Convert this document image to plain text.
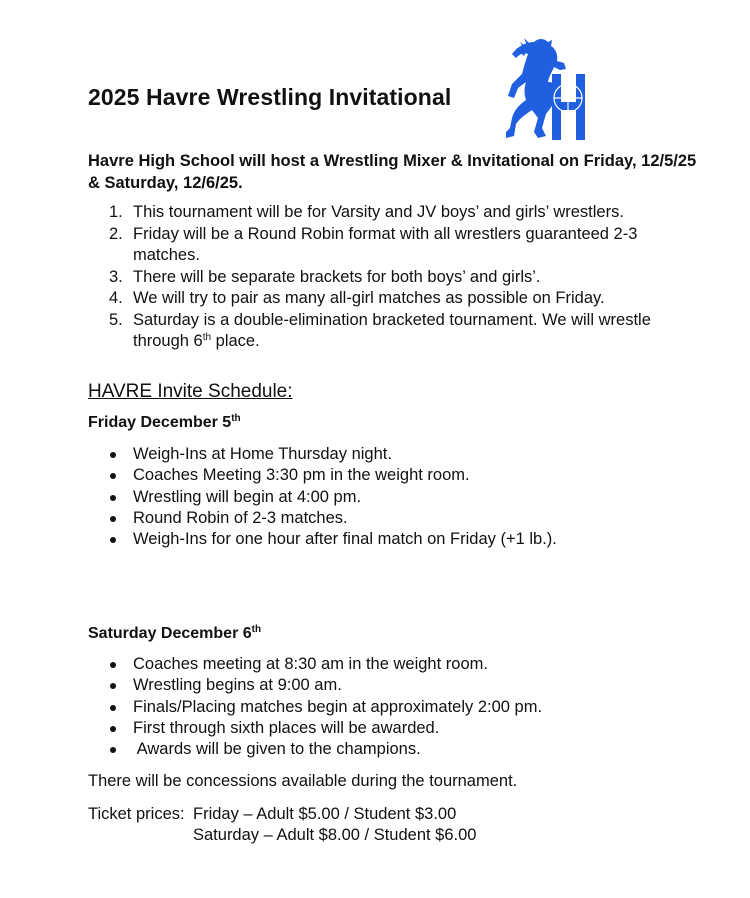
2025 Havre Wrestling Invitational

Havre High School will host a Wrestling Mixer & Invitational on Friday, 12/5/25 & Saturday, 12/6/25.

1. This tournament will be for Varsity and JV boys’ and girls’ wrestlers.
2. Friday will be a Round Robin format with all wrestlers guaranteed 2-3 matches.
3. There will be separate brackets for both boys’ and girls’.
4. We will try to pair as many all-girl matches as possible on Friday.
5. Saturday is a double-elimination bracketed tournament. We will wrestle through 6th place.
HAVRE Invite Schedule:
Friday December 5th
Weigh-Ins at Home Thursday night.
Coaches Meeting 3:30 pm in the weight room.
Wrestling will begin at 4:00 pm.
Round Robin of 2-3 matches.
Weigh-Ins for one hour after final match on Friday (+1 lb.).
Saturday December 6th
Coaches meeting at 8:30 am in the weight room.
Wrestling begins at 9:00 am.
Finals/Placing matches begin at approximately 2:00 pm.
First through sixth places will be awarded.
Awards will be given to the champions.

There will be concessions available during the tournament.

Ticket prices: Friday – Adult $5.00 / Student $3.00
Saturday – Adult $8.00 / Student $6.00
